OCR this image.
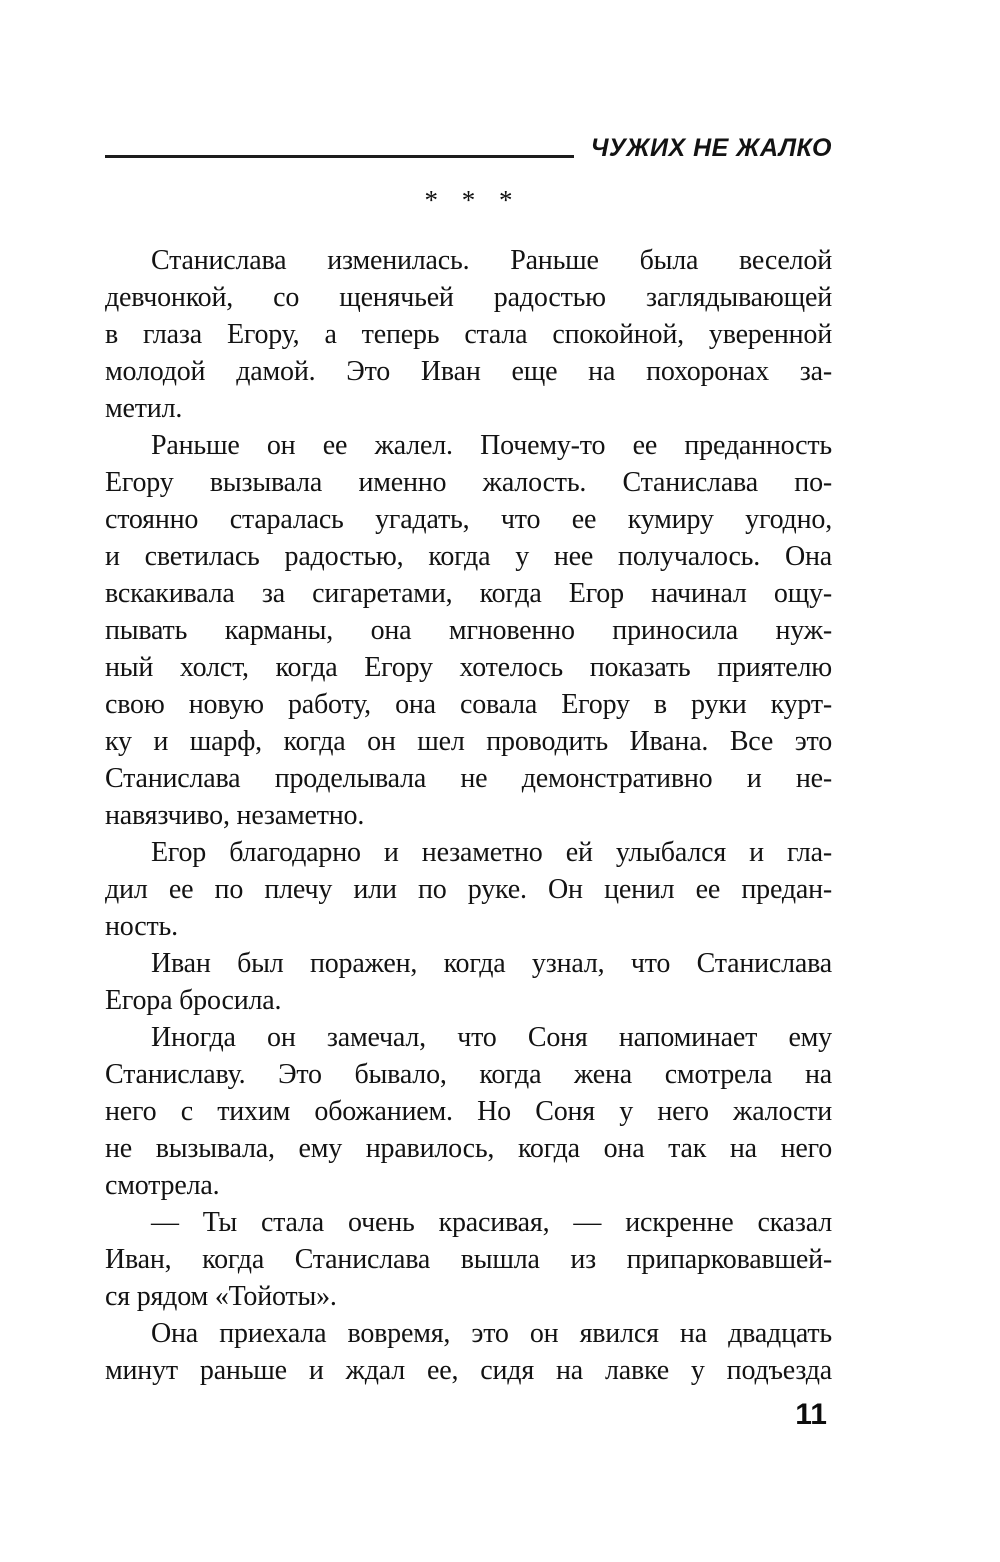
ЧУЖИХ НЕ ЖАЛКО
* * *
Станислава изменилась. Раньше была веселой
девчонкой, со щенячьей радостью заглядывающей
в глаза Егору, а теперь стала спокойной, уверенной
молодой дамой. Это Иван еще на похоронах за-
метил.
Раньше он ее жалел. Почему-то ее преданность
Егору вызывала именно жалость. Станислава по-
стоянно старалась угадать, что ее кумиру угодно,
и светилась радостью, когда у нее получалось. Она
вскакивала за сигаретами, когда Егор начинал ощу-
пывать карманы, она мгновенно приносила нуж-
ный холст, когда Егору хотелось показать приятелю
свою новую работу, она совала Егору в руки курт-
ку и шарф, когда он шел проводить Ивана. Все это
Станислава проделывала не демонстративно и не-
навязчиво, незаметно.
Егор благодарно и незаметно ей улыбался и гла-
дил ее по плечу или по руке. Он ценил ее предан-
ность.
Иван был поражен, когда узнал, что Станислава
Егора бросила.
Иногда он замечал, что Соня напоминает ему
Станиславу. Это бывало, когда жена смотрела на
него с тихим обожанием. Но Соня у него жалости
не вызывала, ему нравилось, когда она так на него
смотрела.
— Ты стала очень красивая, — искренне сказал
Иван, когда Станислава вышла из припарковавшей-
ся рядом «Тойоты».
Она приехала вовремя, это он явился на двадцать
минут раньше и ждал ее, сидя на лавке у подъезда
11
